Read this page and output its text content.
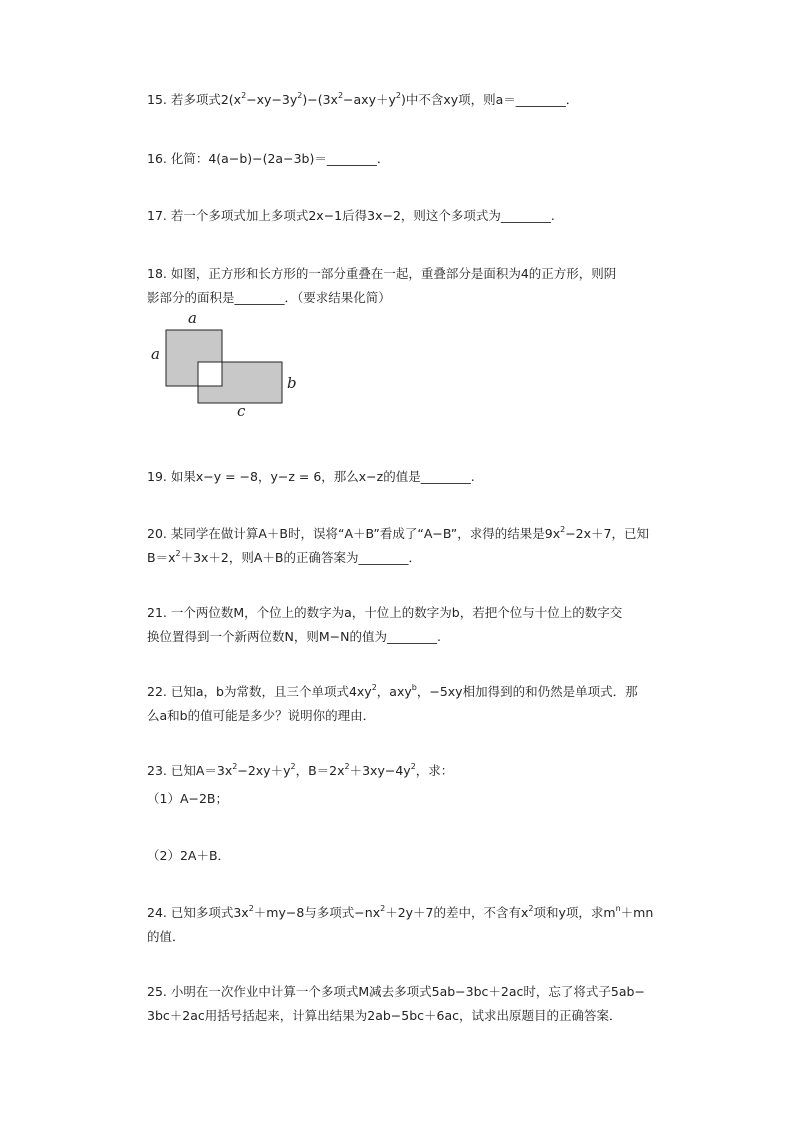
15. 若多项式$2(x^2-xy-3y^2)-(3x^2-axy+y^2)$中不含xy项，则a＝________．
16. 化简：4(a−b)−(2a−3b)＝________．
17. 若一个多项式加上多项式2x−1后得3x−2，则这个多项式为________.
18. 如图，正方形和长方形的一部分重叠在一起，重叠部分是面积为4的正方形，则阴
影部分的面积是________．（要求结果化简）
a
a
b
c
19. 如果x−y = −8，y−z = 6，那么x−z的值是________.
20. 某同学在做计算A＋B时，误将“A＋B”看成了“A−B”，求得的结果是$9x^2-2x+7$，已知
$B=x^2+3x+2$，则A＋B的正确答案为________．
21. 一个两位数M，个位上的数字为a，十位上的数字为b，若把个位与十位上的数字交
换位置得到一个新两位数N，则M−N的值为________.
22. 已知a，b为常数，且三个单项式$4xy^2$，axy$^b$，−5xy相加得到的和仍然是单项式．那
么a和b的值可能是多少？说明你的理由．
23. 已知$A=3x^2-2xy+y^2$，$B=2x^2+3xy-4y^2$，求：
（1）A−2B；
（2）2A＋B．
24. 已知多项式$3x^2+my-8$与多项式$-nx^2+2y+7$的差中，不含有$x^2$项和y项，求$m^n+mn$
的值．
25. 小明在一次作业中计算一个多项式M减去多项式5ab−3bc＋2ac时，忘了将式子5ab−
3bc＋2ac用括号括起来，计算出结果为2ab−5bc＋6ac，试求出原题目的正确答案．
